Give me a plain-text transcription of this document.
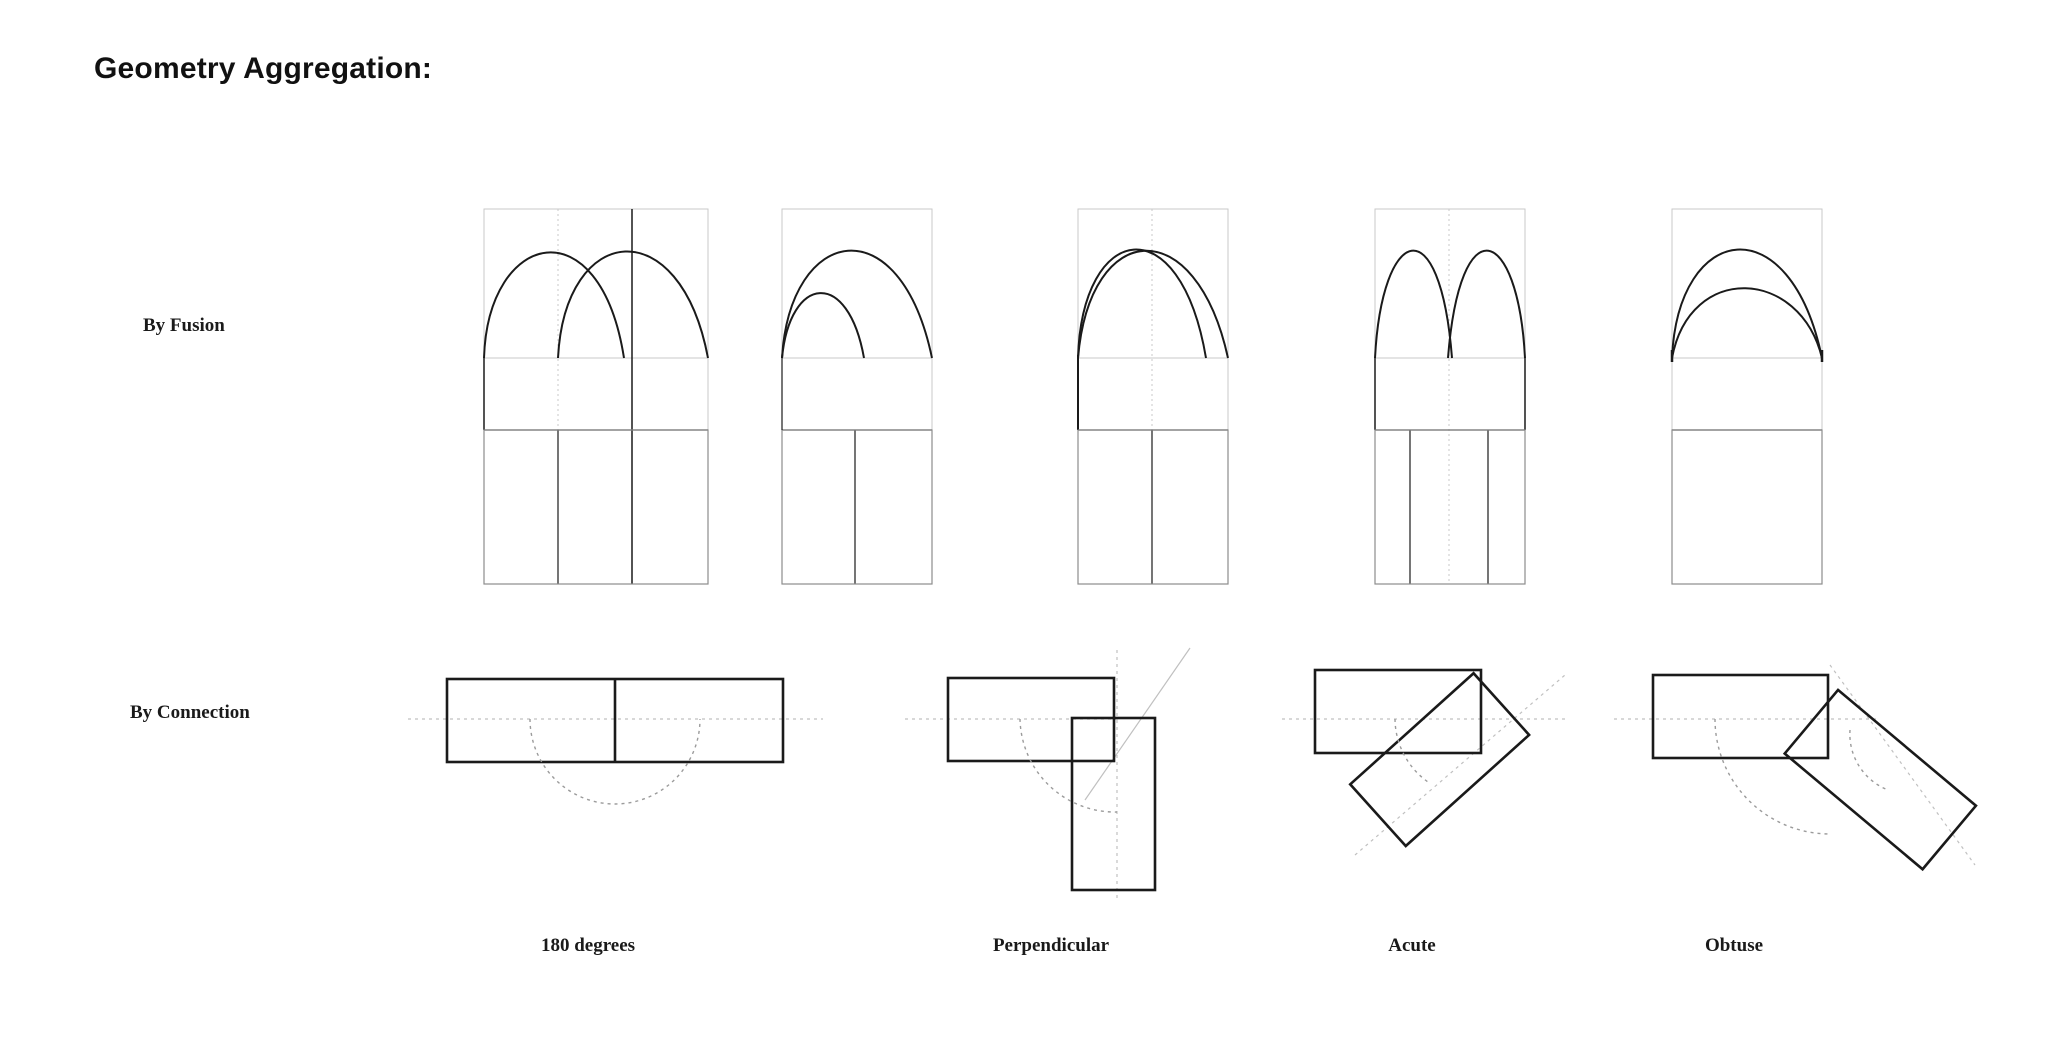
Geometry Aggregation:
By Fusion
By Connection
180 degrees	Perpendicular	Acute	Obtuse
